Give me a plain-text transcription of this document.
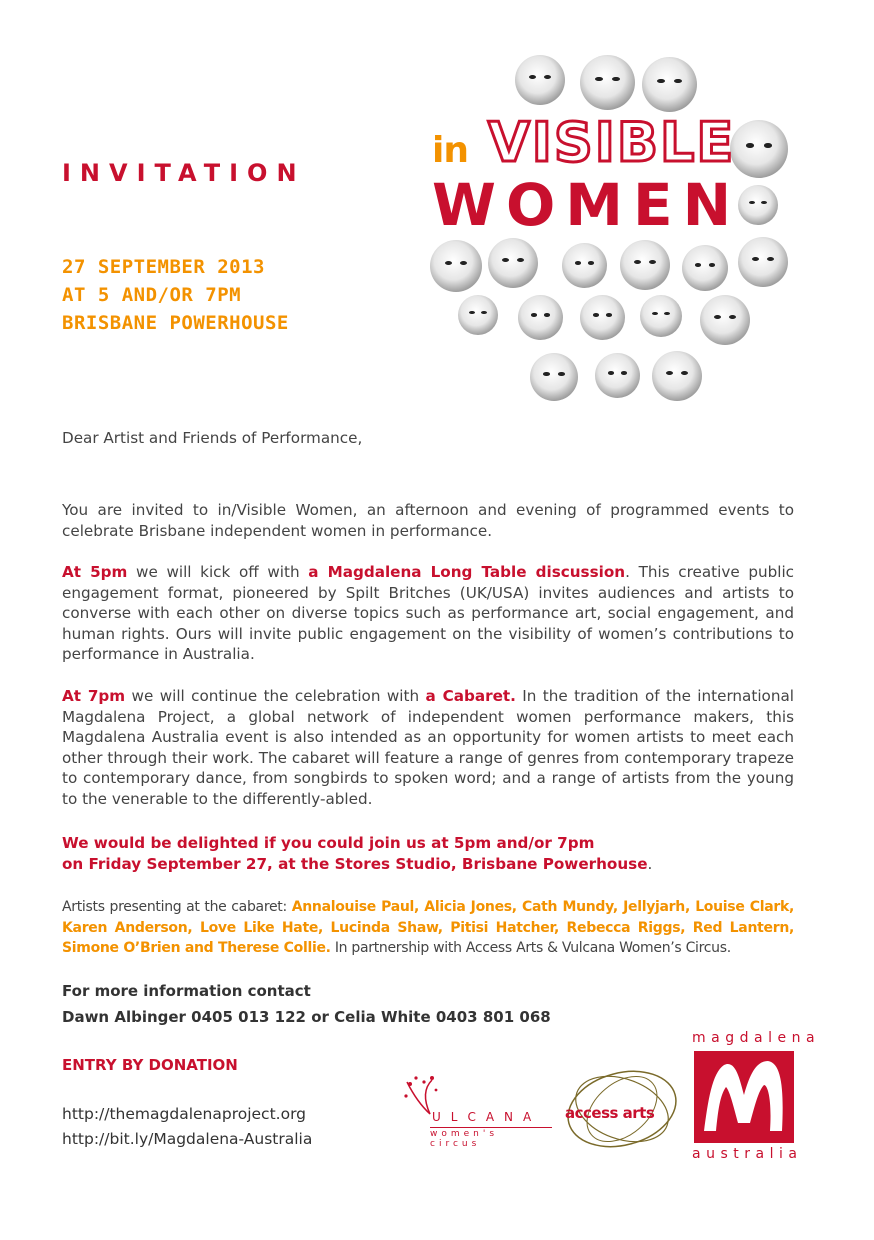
invitation
27 SEPTEMBER 2013
AT 5 AND/OR 7PM
BRISBANE POWERHOUSE
in VISIBLE
WOMEN
Dear Artist and Friends of Performance,
You are invited to in/Visible Women, an afternoon and evening of programmed events to celebrate Brisbane independent women in performance.
At 5pm we will kick off with a Magdalena Long Table discussion. This creative public engagement format, pioneered by Spilt Britches (UK/USA) invites audiences and artists to converse with each other on diverse topics such as performance art, social engagement, and human rights. Ours will invite public engagement on the visibility of women’s contributions to performance in Australia.
At 7pm we will continue the celebration with a Cabaret. In the tradition of the international Magdalena Project, a global network of independent women performance makers, this Magdalena Australia event is also intended as an opportunity for women artists to meet each other through their work. The cabaret will feature a range of genres from contemporary trapeze to contemporary dance, from songbirds to spoken word; and a range of artists from the young to the venerable to the differently-abled.
We would be delighted if you could join us at 5pm and/or 7pm
on Friday September 27, at the Stores Studio, Brisbane Powerhouse.
Artists presenting at the cabaret: Annalouise Paul, Alicia Jones, Cath Mundy, Jellyjarh, Louise Clark, Karen Anderson, Love Like Hate, Lucinda Shaw, Pitisi Hatcher, Rebecca Riggs, Red Lantern, Simone O’Brien and Therese Collie. In partnership with Access Arts & Vulcana Women’s Circus.
For more information contact
Dawn Albinger 0405 013 122 or Celia White 0403 801 068
ENTRY BY DONATION
http://themagdalenaproject.org
http://bit.ly/Magdalena-Australia
ULCANA
women's circus
access arts
magdalena
australia
